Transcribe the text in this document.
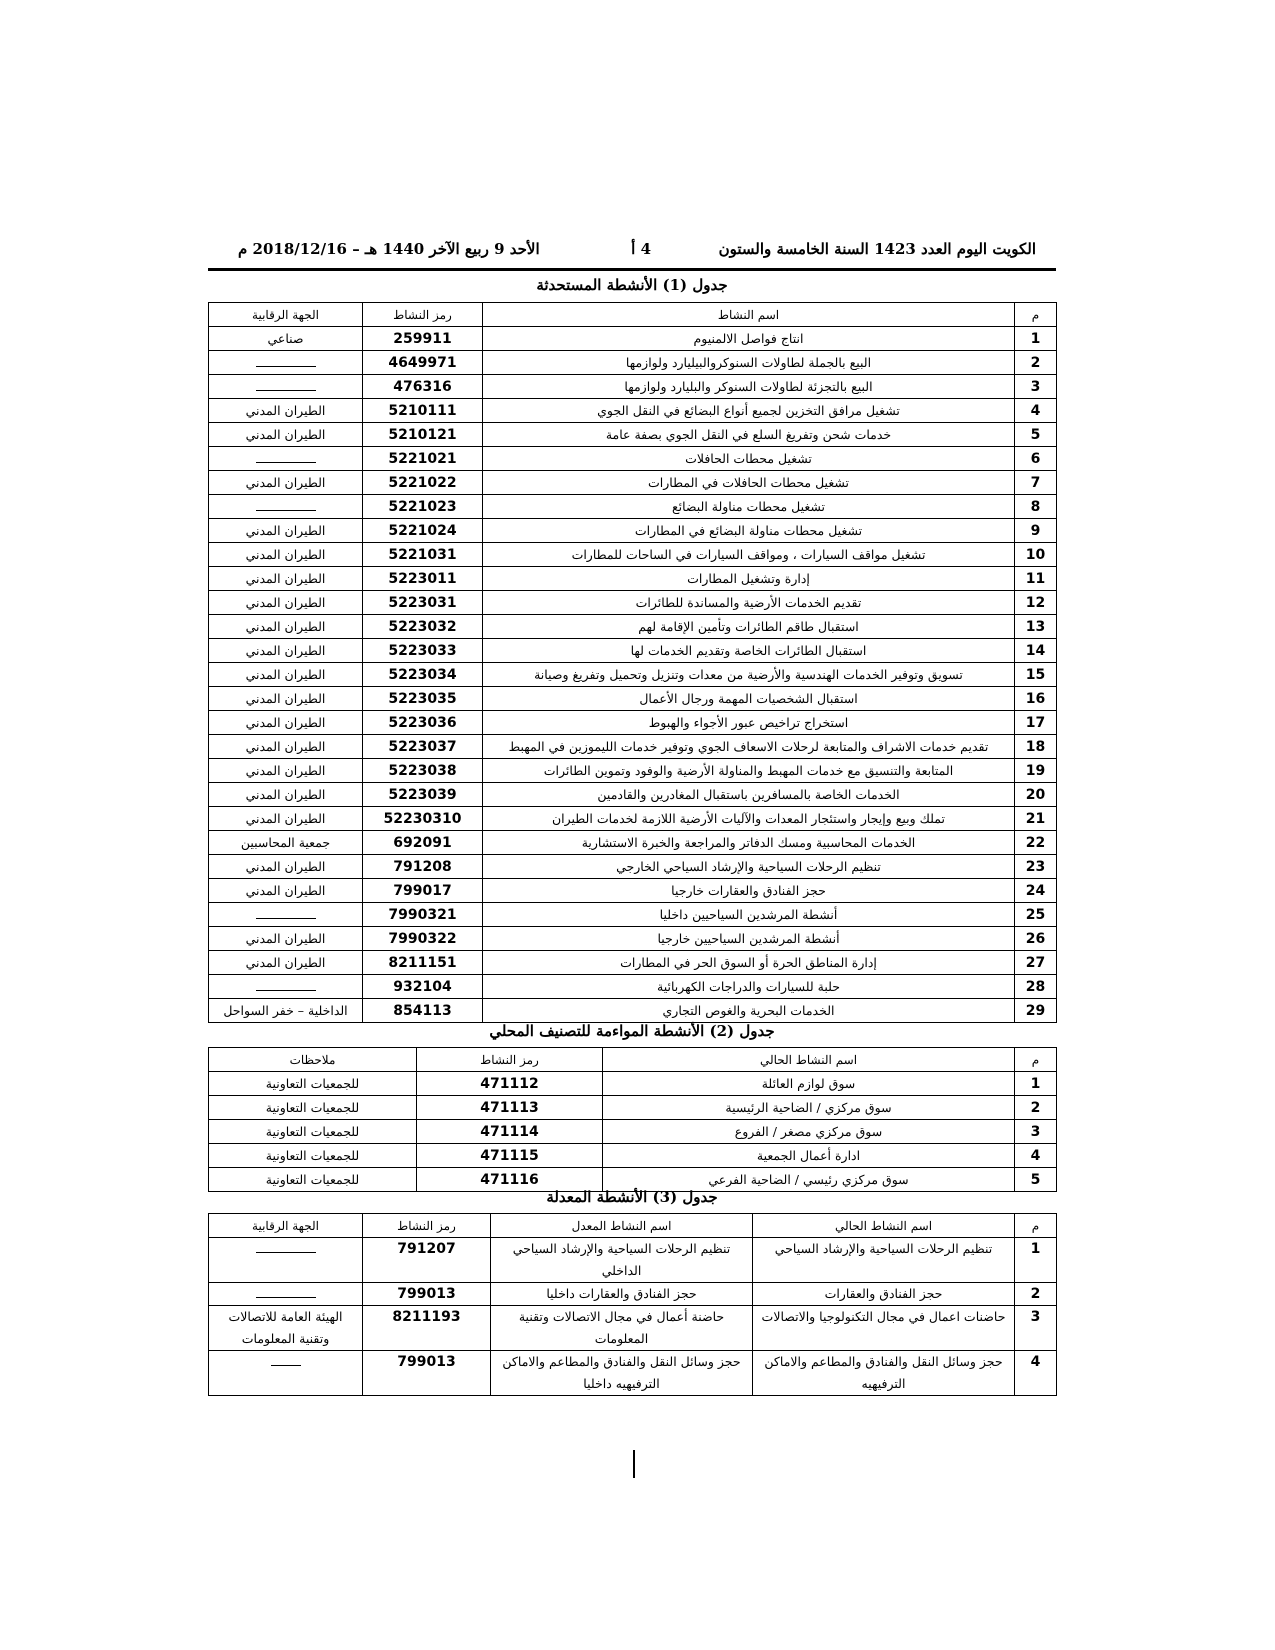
الكويت اليوم العدد 1423 السنة الخامسة والستون
4 أ
الأحد 9 ربيع الآخر 1440 هـ – 2018/12/16 م
جدول (1) الأنشطة المستحدثة
م	اسم النشاط	رمز النشاط	الجهة الرقابية
1	انتاج فواصل الالمنيوم	259911	صناعي
2	البيع بالجملة لطاولات السنوكروالبيليارد ولوازمها	4649971	
3	البيع بالتجزئة لطاولات السنوكر والبليارد ولوازمها	476316	
4	تشغيل مرافق التخزين لجميع أنواع البضائع في النقل الجوي	5210111	الطيران المدني
5	خدمات شحن وتفريغ السلع في النقل الجوي بصفة عامة	5210121	الطيران المدني
6	تشغيل محطات الحافلات	5221021	
7	تشغيل محطات الحافلات في المطارات	5221022	الطيران المدني
8	تشغيل محطات مناولة البضائع	5221023	
9	تشغيل محطات مناولة البضائع في المطارات	5221024	الطيران المدني
10	تشغيل مواقف السيارات ، ومواقف السيارات في الساحات للمطارات	5221031	الطيران المدني
11	إدارة وتشغيل المطارات	5223011	الطيران المدني
12	تقديم الخدمات الأرضية والمساندة للطائرات	5223031	الطيران المدني
13	استقبال طاقم الطائرات وتأمين الإقامة لهم	5223032	الطيران المدني
14	استقبال الطائرات الخاصة وتقديم الخدمات لها	5223033	الطيران المدني
15	تسويق وتوفير الخدمات الهندسية والأرضية من معدات وتنزيل وتحميل وتفريغ وصيانة	5223034	الطيران المدني
16	استقبال الشخصيات المهمة ورجال الأعمال	5223035	الطيران المدني
17	استخراج تراخيص عبور الأجواء والهبوط	5223036	الطيران المدني
18	تقديم خدمات الاشراف والمتابعة لرحلات الاسعاف الجوي وتوفير خدمات الليموزين في المهبط	5223037	الطيران المدني
19	المتابعة والتنسيق مع خدمات المهبط والمناولة الأرضية والوفود وتموين الطائرات	5223038	الطيران المدني
20	الخدمات الخاصة بالمسافرين باستقبال المغادرين والقادمين	5223039	الطيران المدني
21	تملك وبيع وإيجار واستئجار المعدات والآليات الأرضية اللازمة لخدمات الطيران	52230310	الطيران المدني
22	الخدمات المحاسبية ومسك الدفاتر والمراجعة والخبرة الاستشارية	692091	جمعية المحاسبين
23	تنظيم الرحلات السياحية والإرشاد السياحي الخارجي	791208	الطيران المدني
24	حجز الفنادق والعقارات خارجيا	799017	الطيران المدني
25	أنشطة المرشدين السياحيين داخليا	7990321	
26	أنشطة المرشدين السياحيين خارجيا	7990322	الطيران المدني
27	إدارة المناطق الحرة أو السوق الحر في المطارات	8211151	الطيران المدني
28	حلبة للسيارات والدراجات الكهربائية	932104	
29	الخدمات البحرية والغوص التجاري	854113	الداخلية – خفر السواحل
جدول (2) الأنشطة المواءمة للتصنيف المحلي
م	اسم النشاط الحالي	رمز النشاط	ملاحظات
1	سوق لوازم العائلة	471112	للجمعيات التعاونية
2	سوق مركزي / الضاحية الرئيسية	471113	للجمعيات التعاونية
3	سوق مركزي مصغر / الفروع	471114	للجمعيات التعاونية
4	ادارة أعمال الجمعية	471115	للجمعيات التعاونية
5	سوق مركزي رئيسي / الضاحية الفرعي	471116	للجمعيات التعاونية
جدول (3) الأنشطة المعدلة
م	اسم النشاط الحالي	اسم النشاط المعدل	رمز النشاط	الجهة الرقابية
1	تنظيم الرحلات السياحية والإرشاد السياحي	تنظيم الرحلات السياحية والإرشاد السياحي الداخلي	791207	
2	حجز الفنادق والعقارات	حجز الفنادق والعقارات داخليا	799013	
3	حاضنات اعمال في مجال التكنولوجيا والاتصالات	حاضنة أعمال في مجال الاتصالات وتقنية المعلومات	8211193	الهيئة العامة للاتصالات وتقنية المعلومات
4	حجز وسائل النقل والفنادق والمطاعم والاماكن الترفيهيه	حجز وسائل النقل والفنادق والمطاعم والاماكن الترفيهيه داخليا	799013	
